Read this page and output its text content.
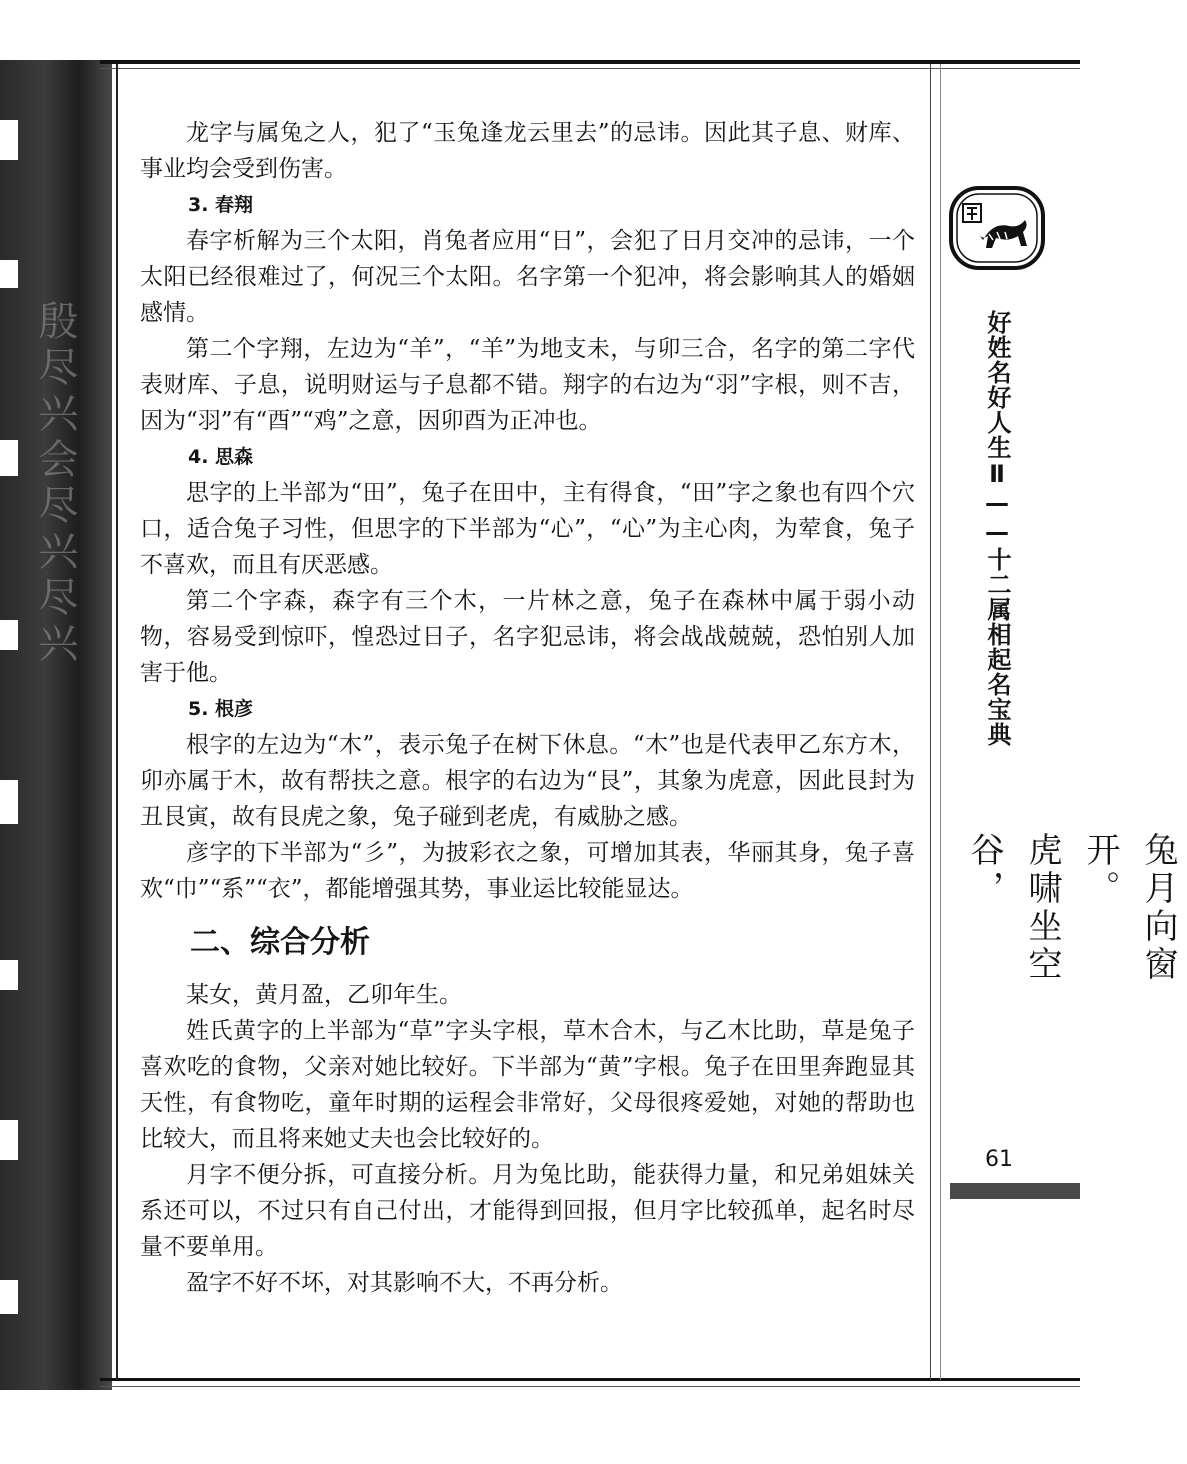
殷尽兴会尽兴尽兴

龙字与属兔之人，犯了“玉兔逢龙云里去”的忌讳。因此其子息、财库、事业均会受到伤害。

3. 春翔

春字析解为三个太阳，肖兔者应用“日”，会犯了日月交冲的忌讳，一个太阳已经很难过了，何况三个太阳。名字第一个犯冲，将会影响其人的婚姻感情。

第二个字翔，左边为“羊”，“羊”为地支未，与卯三合，名字的第二字代表财库、子息，说明财运与子息都不错。翔字的右边为“羽”字根，则不吉，因为“羽”有“酉”“鸡”之意，因卯酉为正冲也。

4. 思森

思字的上半部为“田”，兔子在田中，主有得食，“田”字之象也有四个穴口，适合兔子习性，但思字的下半部为“心”，“心”为主心肉，为荤食，兔子不喜欢，而且有厌恶感。

第二个字森，森字有三个木，一片林之意，兔子在森林中属于弱小动物，容易受到惊吓，惶恐过日子，名字犯忌讳，将会战战兢兢，恐怕别人加害于他。

5. 根彦

根字的左边为“木”，表示兔子在树下休息。“木”也是代表甲乙东方木，卯亦属于木，故有帮扶之意。根字的右边为“艮”，其象为虎意，因此艮封为丑艮寅，故有艮虎之象，兔子碰到老虎，有威胁之感。

彦字的下半部为“彡”，为披彩衣之象，可增加其表，华丽其身，兔子喜欢“巾”“系”“衣”，都能增强其势，事业运比较能显达。

二、综合分析

某女，黄月盈，乙卯年生。

姓氏黄字的上半部为“草”字头字根，草木合木，与乙木比助，草是兔子喜欢吃的食物，父亲对她比较好。下半部为“黄”字根。兔子在田里奔跑显其天性，有食物吃，童年时期的运程会非常好，父母很疼爱她，对她的帮助也比较大，而且将来她丈夫也会比较好的。

月字不便分拆，可直接分析。月为兔比助，能获得力量，和兄弟姐妹关系还可以，不过只有自己付出，才能得到回报，但月字比较孤单，起名时尽量不要单用。

盈字不好不坏，对其影响不大，不再分析。

好姓名好人生Ⅱ——十二属相起名宝典
兔月向窗开。
虎啸坐空谷，
61
